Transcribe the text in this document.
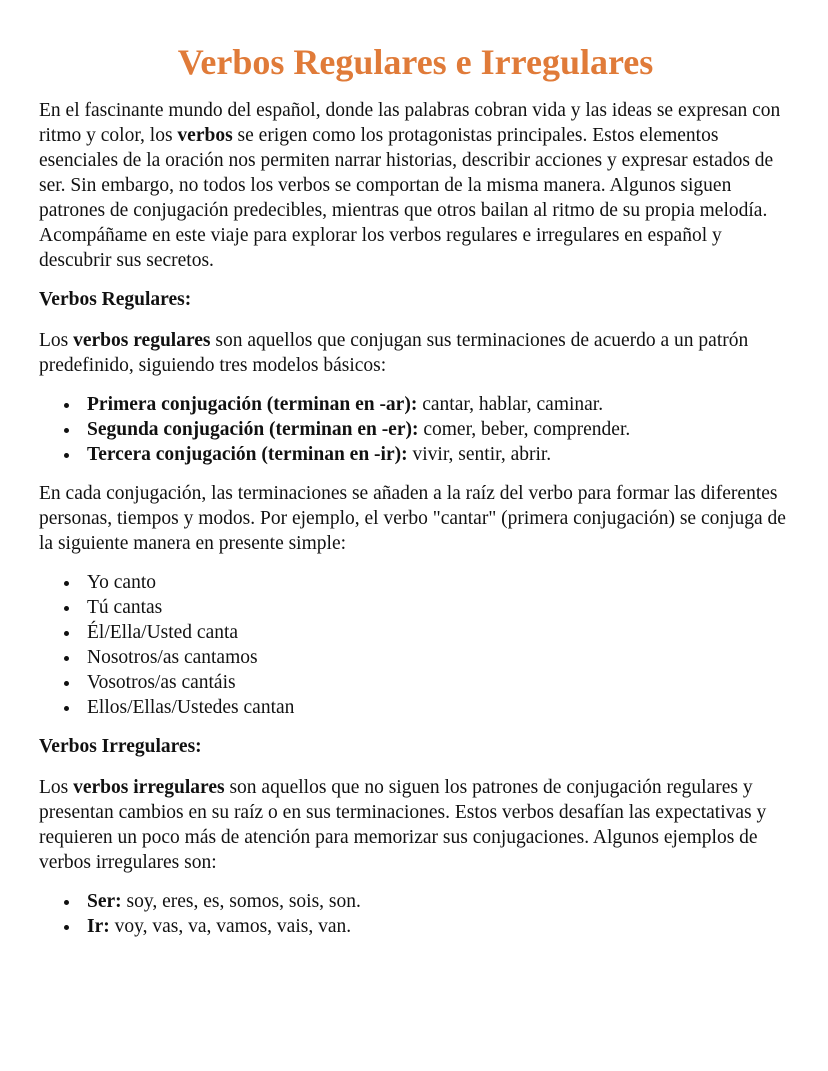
Verbos Regulares e Irregulares

En el fascinante mundo del español, donde las palabras cobran vida y las ideas se expresan con ritmo y color, los verbos se erigen como los protagonistas principales. Estos elementos esenciales de la oración nos permiten narrar historias, describir acciones y expresar estados de ser. Sin embargo, no todos los verbos se comportan de la misma manera. Algunos siguen patrones de conjugación predecibles, mientras que otros bailan al ritmo de su propia melodía. Acompáñame en este viaje para explorar los verbos regulares e irregulares en español y descubrir sus secretos.

Verbos Regulares:

Los verbos regulares son aquellos que conjugan sus terminaciones de acuerdo a un patrón predefinido, siguiendo tres modelos básicos:

Primera conjugación (terminan en -ar): cantar, hablar, caminar.
Segunda conjugación (terminan en -er): comer, beber, comprender.
Tercera conjugación (terminan en -ir): vivir, sentir, abrir.

En cada conjugación, las terminaciones se añaden a la raíz del verbo para formar las diferentes personas, tiempos y modos. Por ejemplo, el verbo "cantar" (primera conjugación) se conjuga de la siguiente manera en presente simple:

Yo canto
Tú cantas
Él/Ella/Usted canta
Nosotros/as cantamos
Vosotros/as cantáis
Ellos/Ellas/Ustedes cantan
Verbos Irregulares:

Los verbos irregulares son aquellos que no siguen los patrones de conjugación regulares y presentan cambios en su raíz o en sus terminaciones. Estos verbos desafían las expectativas y requieren un poco más de atención para memorizar sus conjugaciones. Algunos ejemplos de verbos irregulares son:

Ser: soy, eres, es, somos, sois, son.
Ir: voy, vas, va, vamos, vais, van.
